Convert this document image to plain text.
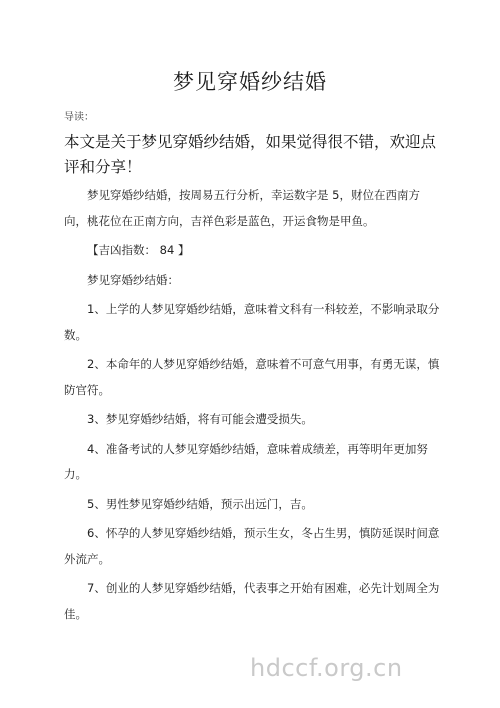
梦见穿婚纱结婚
导读：
本文是关于梦见穿婚纱结婚，如果觉得很不错，欢迎点 评和分享！

梦见穿婚纱结婚，按周易五行分析，幸运数字是 5，财位在西南方向，桃花位在正南方向，吉祥色彩是蓝色，开运食物是甲鱼。

【吉凶指数： 84 】

梦见穿婚纱结婚：

1、上学的人梦见穿婚纱结婚，意味着文科有一科较差，不影响录取分数。

2、本命年的人梦见穿婚纱结婚，意味着不可意气用事，有勇无谋，慎防官符。

3、梦见穿婚纱结婚，将有可能会遭受损失。

4、准备考试的人梦见穿婚纱结婚，意味着成绩差，再等明年更加努力。

5、男性梦见穿婚纱结婚，预示出远门，吉。

6、怀孕的人梦见穿婚纱结婚，预示生女，冬占生男，慎防延误时间意外流产。

7、创业的人梦见穿婚纱结婚，代表事之开始有困难，必先计划周全为佳。

hdccf.org.cn
